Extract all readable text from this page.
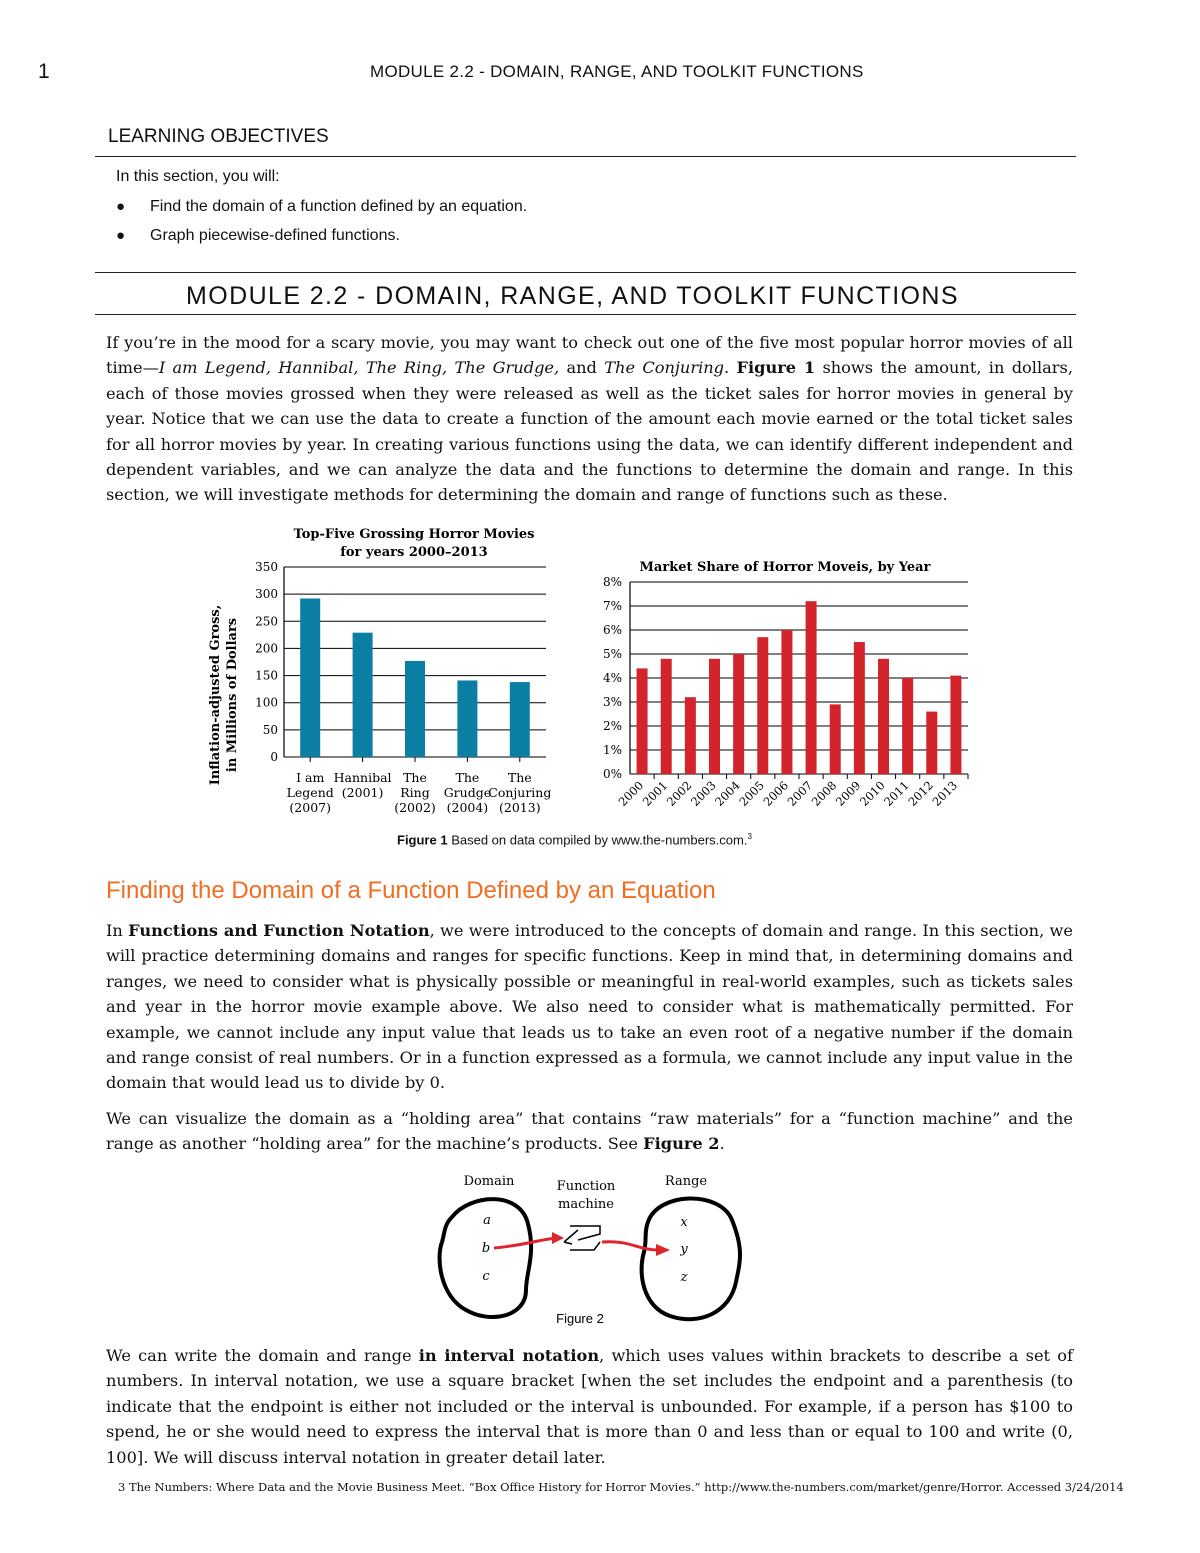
1	MODULE 2.2 - DOMAIN, RANGE, AND TOOLKIT FUNCTIONS
LEARNING OBJECTIVES
In this section, you will:
● Find the domain of a function defined by an equation.
● Graph piecewise-defined functions.
MODULE 2.2 - DOMAIN, RANGE, AND TOOLKIT FUNCTIONS

If you’re in the mood for a scary movie, you may want to check out one of the five most popular horror movies of all time—I am Legend, Hannibal, The Ring, The Grudge, and The Conjuring. Figure 1 shows the amount, in dollars, each of those movies grossed when they were released as well as the ticket sales for horror movies in general by year. Notice that we can use the data to create a function of the amount each movie earned or the total ticket sales for all horror movies by year. In creating various functions using the data, we can identify different independent and dependent variables, and we can analyze the data and the functions to determine the domain and range. In this section, we will investigate methods for determining the domain and range of functions such as these.

Top-Five Grossing Horror Movies
for years 2000–2013
Inflation-adjusted Gross, in Millions of Dollars	0
50
100
150
200
250
300
350
I am
Legend
(2007)
Hannibal
(2001)
The
Ring
(2002)
The
Grudge
(2004)
The
Conjuring
(2013)
Market Share of Horror Moveis, by Year
0%
1%
2%
3%
4%
5%
6%
7%
8%
2000
2001
2002
2003
2004
2005
2006
2007
2008
2009
2010
2011
2012
2013
Figure 1 Based on data compiled by www.the-numbers.com.$^3$
Finding the Domain of a Function Defined by an Equation

In Functions and Function Notation, we were introduced to the concepts of domain and range. In this section, we will practice determining domains and ranges for specific functions. Keep in mind that, in determining domains and ranges, we need to consider what is physically possible or meaningful in real-world examples, such as tickets sales and year in the horror movie example above. We also need to consider what is mathematically permitted. For example, we cannot include any input value that leads us to take an even root of a negative number if the domain and range consist of real numbers. Or in a function expressed as a formula, we cannot include any input value in the domain that would lead us to divide by 0.

We can visualize the domain as a “holding area” that contains “raw materials” for a “function machine” and the range as another “holding area” for the machine’s products. See Figure 2.

Domain	Function
machine
Range
a
b
c
x
y
z
Figure 2

We can write the domain and range in interval notation, which uses values within brackets to describe a set of numbers. In interval notation, we use a square bracket [when the set includes the endpoint and a parenthesis (to indicate that the endpoint is either not included or the interval is unbounded. For example, if a person has $100 to spend, he or she would need to express the interval that is more than 0 and less than or equal to 100 and write (0, 100]. We will discuss interval notation in greater detail later.

3 The Numbers: Where Data and the Movie Business Meet. “Box Office History for Horror Movies.” http://www.the-numbers.com/market/genre/Horror. Accessed 3/24/2014
